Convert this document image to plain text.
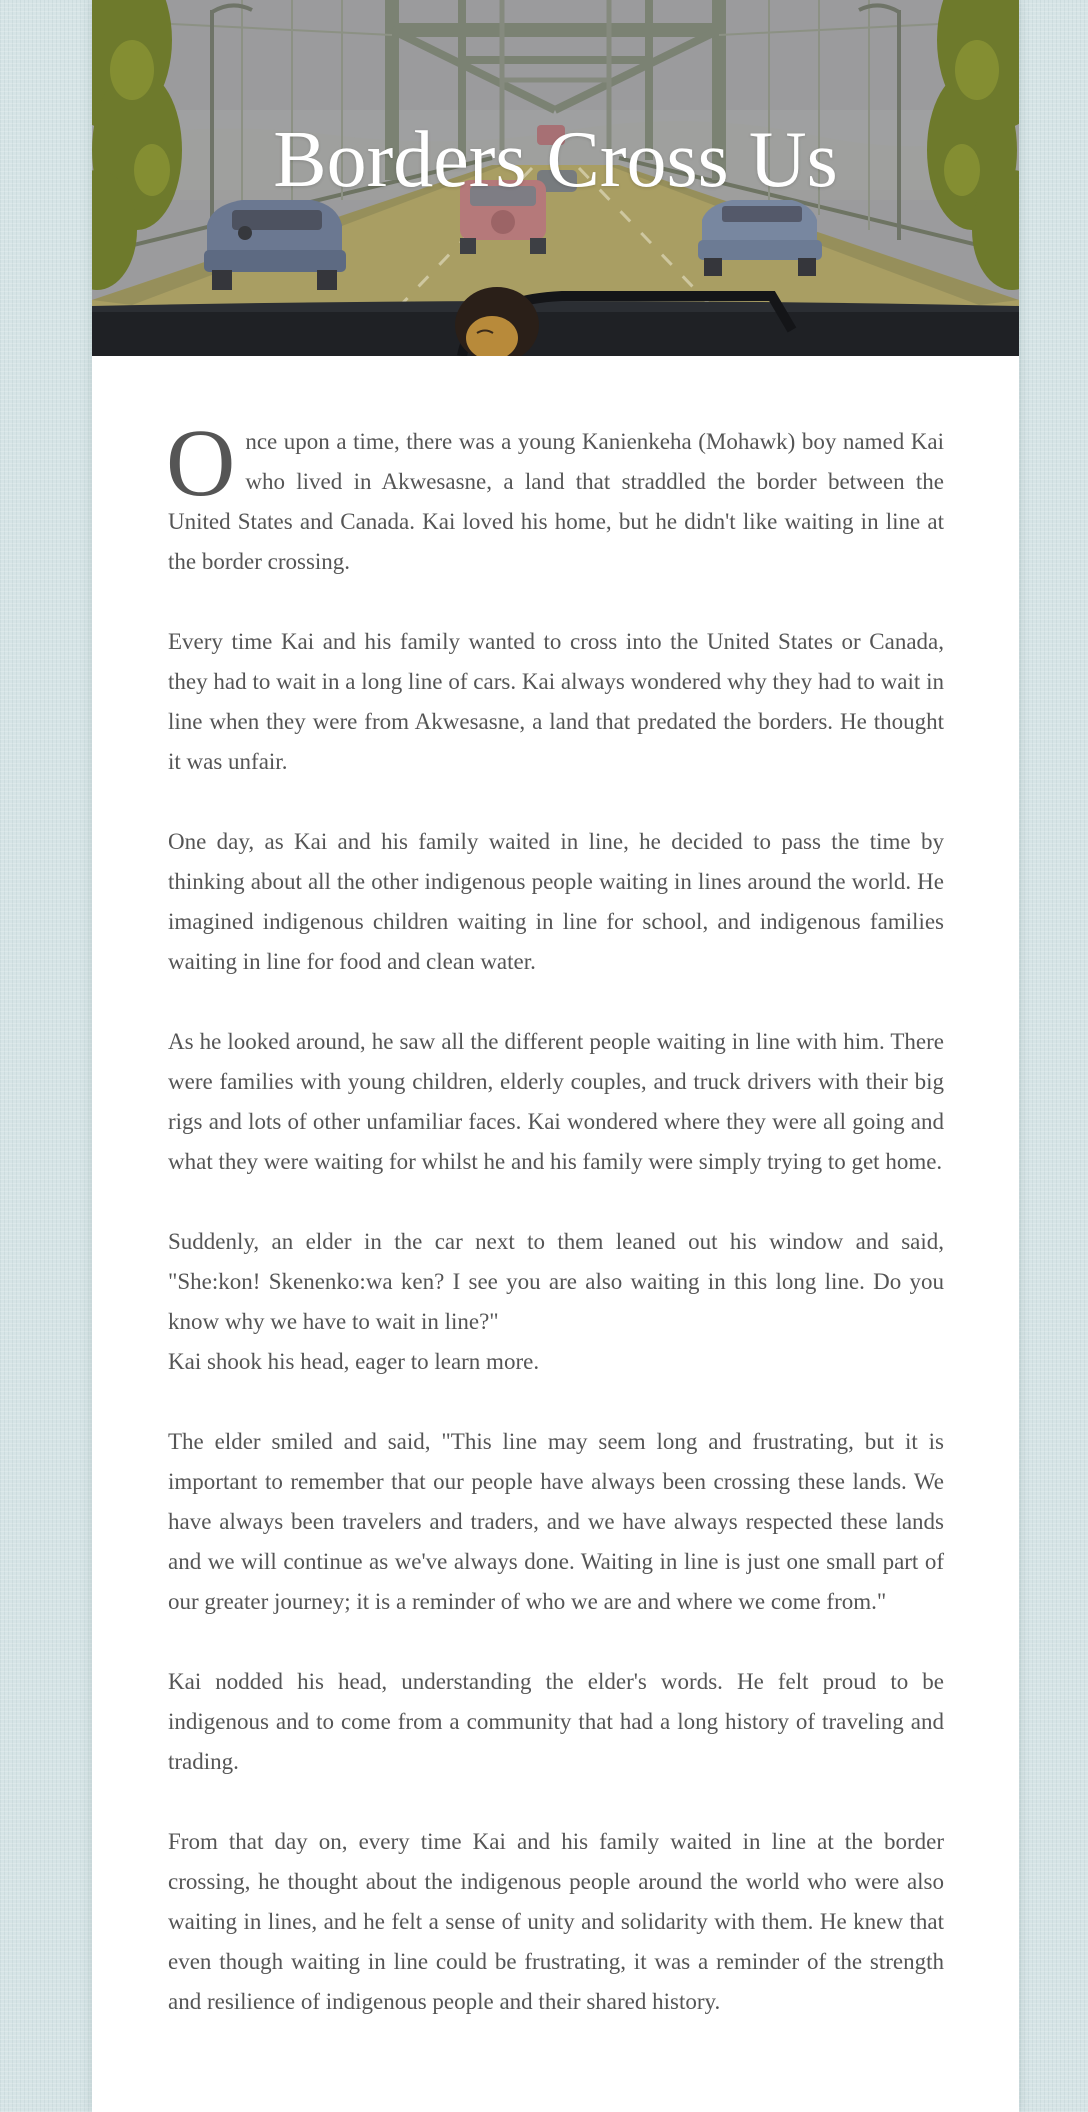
Borders Cross Us

Once upon a time, there was a young Kanienkeha (Mohawk) boy named Kai who lived in Akwesasne, a land that straddled the border between the United States and Canada. Kai loved his home, but he didn't like waiting in line at the border crossing.

Every time Kai and his family wanted to cross into the United States or Canada, they had to wait in a long line of cars. Kai always wondered why they had to wait in line when they were from Akwesasne, a land that predated the borders. He thought it was unfair.

One day, as Kai and his family waited in line, he decided to pass the time by thinking about all the other indigenous people waiting in lines around the world. He imagined indigenous children waiting in line for school, and indigenous families waiting in line for food and clean water.

As he looked around, he saw all the different people waiting in line with him. There were families with young children, elderly couples, and truck drivers with their big rigs and lots of other unfamiliar faces. Kai wondered where they were all going and what they were waiting for whilst he and his family were simply trying to get home.

Suddenly, an elder in the car next to them leaned out his window and said, "She:kon! Skenenko:wa ken? I see you are also waiting in this long line. Do you know why we have to wait in line?"
Kai shook his head, eager to learn more.

The elder smiled and said, "This line may seem long and frustrating, but it is important to remember that our people have always been crossing these lands. We have always been travelers and traders, and we have always respected these lands and we will continue as we've always done. Waiting in line is just one small part of our greater journey; it is a reminder of who we are and where we come from."

Kai nodded his head, understanding the elder's words. He felt proud to be indigenous and to come from a community that had a long history of traveling and trading.

From that day on, every time Kai and his family waited in line at the border crossing, he thought about the indigenous people around the world who were also waiting in lines, and he felt a sense of unity and solidarity with them. He knew that even though waiting in line could be frustrating, it was a reminder of the strength and resilience of indigenous people and their shared history.
